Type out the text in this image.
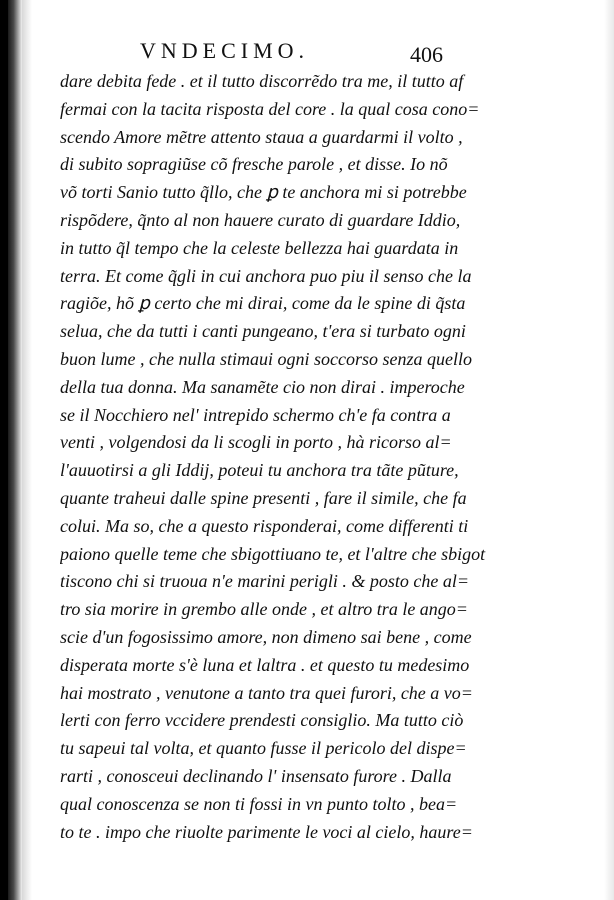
VNDECIMO.	406
dare debita fede . et il tutto discorrẽdo tra me, il tutto af
fermai con la tacita risposta del core . la qual cosa cono=
scendo Amore mẽtre attento staua a guardarmi il volto ,
di subito sopragiũse cõ fresche parole , et disse. Io nõ
võ torti Sanio tutto q̃llo, che ꝑ te anchora mi si potrebbe
rispõdere, q̃nto al non hauere curato di guardare Iddio,
in tutto q̃l tempo che la celeste bellezza hai guardata in
terra. Et come q̃gli in cui anchora puo piu il senso che la
ragiõe, hõ ꝑ certo che mi dirai, come da le spine di q̃sta
selua, che da tutti i canti pungeano, t'era si turbato ogni
buon lume , che nulla stimaui ogni soccorso senza quello
della tua donna. Ma sanamẽte cio non dirai . imperoche
se il Nocchiero nel' intrepido schermo ch'e fa contra a
venti , volgendosi da li scogli in porto , hà ricorso al=
l'auuotirsi a gli Iddij, poteui tu anchora tra tãte pũture,
quante traheui dalle spine presenti , fare il simile, che fa
colui. Ma so, che a questo risponderai, come differenti ti
paiono quelle teme che sbigottiuano te, et l'altre che sbigot
tiscono chi si truoua n'e marini perigli . & posto che al=
tro sia morire in grembo alle onde , et altro tra le ango=
scie d'un fogosissimo amore, non dimeno sai bene , come
disperata morte s'è luna et laltra . et questo tu medesimo
hai mostrato , venutone a tanto tra quei furori, che a vo=
lerti con ferro vccidere prendesti consiglio. Ma tutto ciò
tu sapeui tal volta, et quanto fusse il pericolo del dispe=
rarti , conosceui declinando l' insensato furore . Dalla
qual conoscenza se non ti fossi in vn punto tolto , bea=
to te . impo che riuolte parimente le voci al cielo, haure=
